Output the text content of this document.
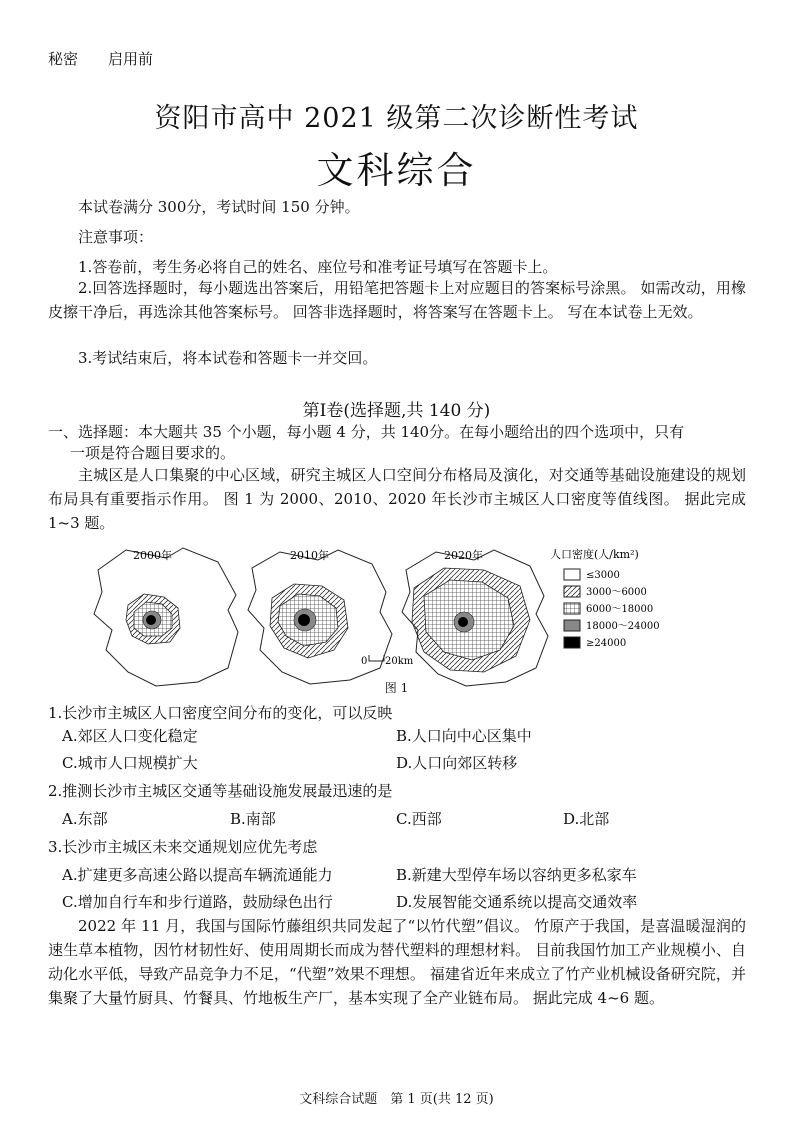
秘密 启用前
资阳市高中 2021 级第二次诊断性考试
文科综合
本试卷满分 300分，考试时间 150 分钟。
注意事项：
1.答卷前，考生务必将自己的姓名、座位号和准考证号填写在答题卡上。
2.回答选择题时，每小题选出答案后，用铅笔把答题卡上对应题目的答案标号涂黑。 如需改动，用橡皮擦干净后，再选涂其他答案标号。 回答非选择题时，将答案写在答题卡上。 写在本试卷上无效。
3.考试结束后，将本试卷和答题卡一并交回。
第Ⅰ卷(选择题,共 140 分)
一、选择题：本大题共 35 个小题，每小题 4 分，共 140分。在每小题给出的四个选项中，只有
一项是符合题目要求的。
主城区是人口集聚的中心区域，研究主城区人口空间分布格局及演化，对交通等基础设施建设的规划布局具有重要指示作用。 图 1 为 2000、2010、2020 年长沙市主城区人口密度等值线图。 据此完成 1~3 题。
2000年	2010年	2020年
0 20km
人口密度(人/km²)
≤3000
3000～6000
6000～18000
18000～24000
≥24000
图 1
1.长沙市主城区人口密度空间分布的变化，可以反映
A.郊区人口变化稳定	B.人口向中心区集中
C.城市人口规模扩大	D.人口向郊区转移
2.推测长沙市主城区交通等基础设施发展最迅速的是
A.东部	B.南部	C.西部	D.北部
3.长沙市主城区未来交通规划应优先考虑
A.扩建更多高速公路以提高车辆流通能力	B.新建大型停车场以容纳更多私家车
C.增加自行车和步行道路，鼓励绿色出行	D.发展智能交通系统以提高交通效率
2022 年 11 月，我国与国际竹藤组织共同发起了“以竹代塑”倡议。 竹原产于我国，是喜温暖湿润的速生草本植物，因竹材韧性好、使用周期长而成为替代塑料的理想材料。 目前我国竹加工产业规模小、自动化水平低，导致产品竞争力不足，“代塑”效果不理想。 福建省近年来成立了竹产业机械设备研究院，并集聚了大量竹厨具、竹餐具、竹地板生产厂，基本实现了全产业链布局。 据此完成 4~6 题。
文科综合试题　第 1 页(共 12 页)
